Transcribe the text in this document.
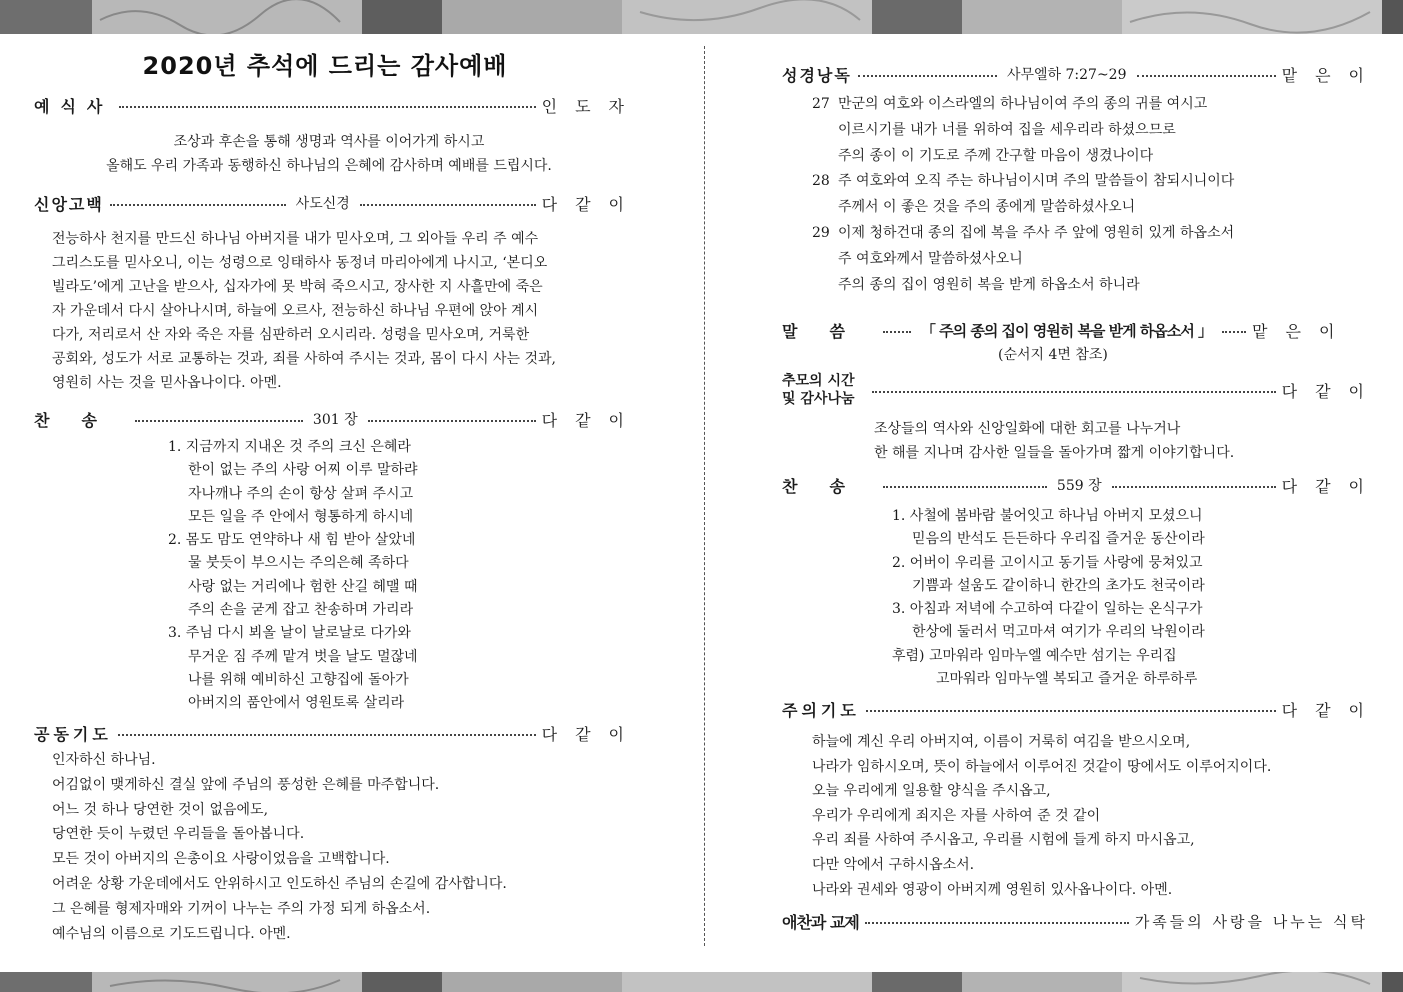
2020년 추석에 드리는 감사예배
예식사	인도자
조상과 후손을 통해 생명과 역사를 이어가게 하시고
올해도 우리 가족과 동행하신 하나님의 은혜에 감사하며 예배를 드립시다.
신앙고백	사도신경	다같이
전능하사 천지를 만드신 하나님 아버지를 내가 믿사오며, 그 외아들 우리 주 예수
그리스도를 믿사오니, 이는 성령으로 잉태하사 동정녀 마리아에게 나시고, ‘본디오
빌라도’에게 고난을 받으사, 십자가에 못 박혀 죽으시고, 장사한 지 사흘만에 죽은
자 가운데서 다시 살아나시며, 하늘에 오르사, 전능하신 하나님 우편에 앉아 계시
다가, 저리로서 산 자와 죽은 자를 심판하러 오시리라. 성령을 믿사오며, 거룩한
공회와, 성도가 서로 교통하는 것과, 죄를 사하여 주시는 것과, 몸이 다시 사는 것과,
영원히 사는 것을 믿사옵나이다. 아멘.
찬송	301 장	다같이
1. 지금까지 지내온 것 주의 크신 은혜라
한이 없는 주의 사랑 어찌 이루 말하랴
자나깨나 주의 손이 항상 살펴 주시고
모든 일을 주 안에서 형통하게 하시네
2. 몸도 맘도 연약하나 새 힘 받아 살았네
물 붓듯이 부으시는 주의은혜 족하다
사랑 없는 거리에나 험한 산길 헤맬 때
주의 손을 굳게 잡고 찬송하며 가리라
3. 주님 다시 뵈올 날이 날로날로 다가와
무거운 짐 주께 맡겨 벗을 날도 멀잖네
나를 위해 예비하신 고향집에 돌아가
아버지의 품안에서 영원토록 살리라
공동기도	다같이
인자하신 하나님.
어김없이 맺게하신 결실 앞에 주님의 풍성한 은혜를 마주합니다.
어느 것 하나 당연한 것이 없음에도,
당연한 듯이 누렸던 우리들을 돌아봅니다.
모든 것이 아버지의 은총이요 사랑이었음을 고백합니다.
어려운 상황 가운데에서도 안위하시고 인도하신 주님의 손길에 감사합니다.
그 은혜를 형제자매와 기꺼이 나누는 주의 가정 되게 하옵소서.
예수님의 이름으로 기도드립니다. 아멘.
성경낭독	사무엘하 7:27~29	맡은이
27 만군의 여호와 이스라엘의 하나님이여 주의 종의 귀를 여시고
이르시기를 내가 너를 위하여 집을 세우리라 하셨으므로
주의 종이 이 기도로 주께 간구할 마음이 생겼나이다
28 주 여호와여 오직 주는 하나님이시며 주의 말씀들이 참되시니이다
주께서 이 좋은 것을 주의 종에게 말씀하셨사오니
29 이제 청하건대 종의 집에 복을 주사 주 앞에 영원히 있게 하옵소서
주 여호와께서 말씀하셨사오니
주의 종의 집이 영원히 복을 받게 하옵소서 하니라
말씀	「 주의 종의 집이 영원히 복을 받게 하옵소서 」	맡은이
(순서지 4면 참조)
추모의 시간
및 감사나눔	다같이
조상들의 역사와 신앙일화에 대한 회고를 나누거나
한 해를 지나며 감사한 일들을 돌아가며 짧게 이야기합니다.
찬송	559 장	다같이
1. 사철에 봄바람 불어잇고 하나님 아버지 모셨으니
믿음의 반석도 든든하다 우리집 즐거운 동산이라
2. 어버이 우리를 고이시고 동기들 사랑에 뭉쳐있고
기쁨과 설움도 같이하니 한간의 초가도 천국이라
3. 아침과 저녁에 수고하여 다같이 일하는 온식구가
한상에 둘러서 먹고마셔 여기가 우리의 낙원이라
후렴) 고마워라 임마누엘 예수만 섬기는 우리집
고마워라 임마누엘 복되고 즐거운 하루하루
주의기도	다같이
하늘에 계신 우리 아버지여, 이름이 거룩히 여김을 받으시오며,
나라가 임하시오며, 뜻이 하늘에서 이루어진 것같이 땅에서도 이루어지이다.
오늘 우리에게 일용할 양식을 주시옵고,
우리가 우리에게 죄지은 자를 사하여 준 것 같이
우리 죄를 사하여 주시옵고, 우리를 시험에 들게 하지 마시옵고,
다만 악에서 구하시옵소서.
나라와 권세와 영광이 아버지께 영원히 있사옵나이다. 아멘.
애찬과 교제	가족들의 사랑을 나누는 식탁
